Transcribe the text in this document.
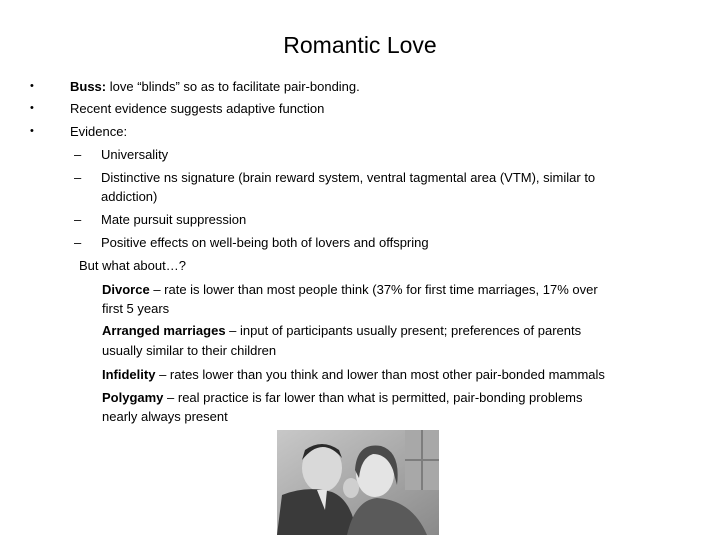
Romantic Love
•	Buss: love “blinds” so as to facilitate pair-bonding.
•	Recent evidence suggests adaptive function
•	Evidence:
– Universality
– Distinctive ns signature (brain reward system, ventral tagmental area (VTM), similar to
addiction)
– Mate pursuit suppression
– Positive effects on well-being both of lovers and offspring
But what about…?
Divorce – rate is lower than most people think (37% for first time marriages, 17% over
first 5 years
Arranged marriages – input of participants usually present; preferences of parents
usually similar to their children
Infidelity – rates lower than you think and lower than most other pair-bonded mammals
Polygamy – real practice is far lower than what is permitted, pair-bonding problems
nearly always present
